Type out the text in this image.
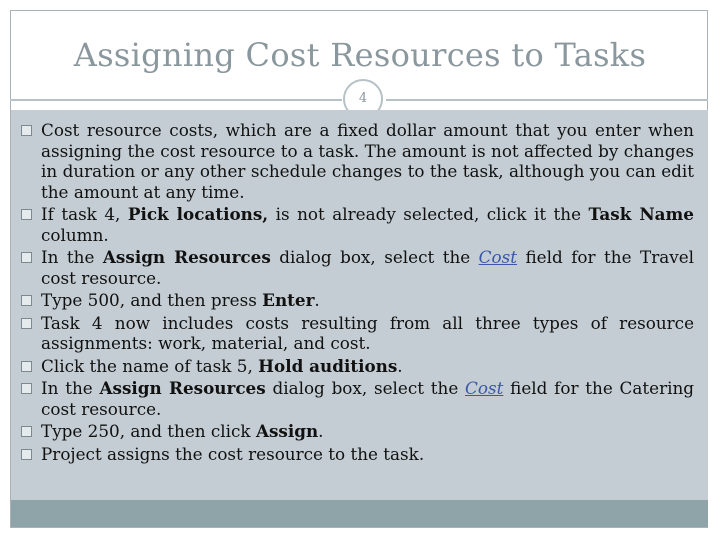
Assigning Cost Resources to Tasks
4
Cost resource costs, which are a fixed dollar amount that you enter when assigning the cost resource to a task. The amount is not affected by changes in duration or any other schedule changes to the task, although you can edit the amount at any time.
If task 4, Pick locations, is not already selected, click it the Task Name column.
In the Assign Resources dialog box, select the Cost field for the Travel cost resource.
Type 500, and then press Enter.
Task 4 now includes costs resulting from all three types of resource assignments: work, material, and cost.
Click the name of task 5, Hold auditions.
In the Assign Resources dialog box, select the Cost field for the Catering cost resource.
Type 250, and then click Assign.
Project assigns the cost resource to the task.
